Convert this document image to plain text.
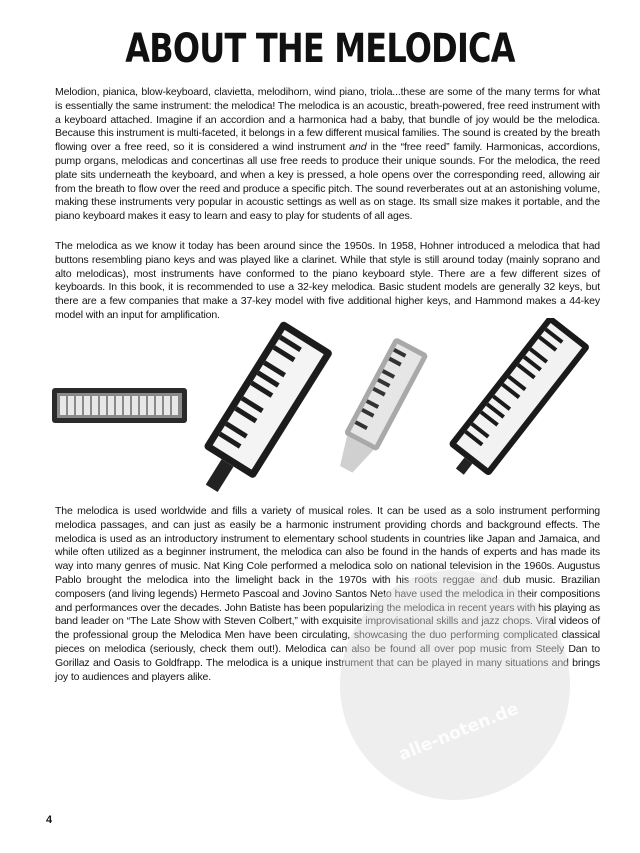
ABOUT THE MELODICA

Melodion, pianica, blow-keyboard, clavietta, melodihorn, wind piano, triola...these are some of the many terms for what is essentially the same instrument: the melodica! The melodica is an acoustic, breath-powered, free reed instrument with a keyboard attached. Imagine if an accordion and a harmonica had a baby, that bundle of joy would be the melodica. Because this instrument is multi-faceted, it belongs in a few different musical families. The sound is created by the breath flowing over a free reed, so it is considered a wind instrument and in the “free reed” family. Harmonicas, accordions, pump organs, melodicas and concertinas all use free reeds to produce their unique sounds. For the melodica, the reed plate sits underneath the keyboard, and when a key is pressed, a hole opens over the corresponding reed, allowing air from the breath to flow over the reed and produce a specific pitch. The sound reverberates out at an astonishing volume, making these instruments very popular in acoustic settings as well as on stage. Its small size makes it portable, and the piano keyboard makes it easy to learn and easy to play for students of all ages.

The melodica as we know it today has been around since the 1950s. In 1958, Hohner introduced a melodica that had buttons resembling piano keys and was played like a clarinet. While that style is still around today (mainly soprano and alto melodicas), most instruments have conformed to the piano keyboard style. There are a few different sizes of keyboards. In this book, it is recommended to use a 32-key melodica. Basic student models are generally 32 keys, but there are a few companies that make a 37-key model with five additional higher keys, and Hammond makes a 44-key model with an input for amplification.

The melodica is used worldwide and fills a variety of musical roles. It can be used as a solo instrument performing melodica passages, and can just as easily be a harmonic instrument providing chords and background effects. The melodica is used as an introductory instrument to elementary school students in countries like Japan and Jamaica, and while often utilized as a beginner instrument, the melodica can also be found in the hands of experts and has made its way into many genres of music. Nat King Cole performed a melodica solo on national television in the 1960s. Augustus Pablo brought the melodica into the limelight back in the 1970s with his roots reggae and dub music. Brazilian composers (and living legends) Hermeto Pascoal and Jovino Santos Neto have used the melodica in their compositions and performances over the decades. John Batiste has been popularizing the melodica in recent years with his playing as band leader on “The Late Show with Steven Colbert,” with exquisite improvisational skills and jazz chops. Viral videos of the professional group the Melodica Men have been circulating, showcasing the duo performing complicated classical pieces on melodica (seriously, check them out!). Melodica can also be found all over pop music from Steely Dan to Gorillaz and Oasis to Goldfrapp. The melodica is a unique instrument that can be played in many situations and brings joy to audiences and players alike.

alle-noten.de
4
